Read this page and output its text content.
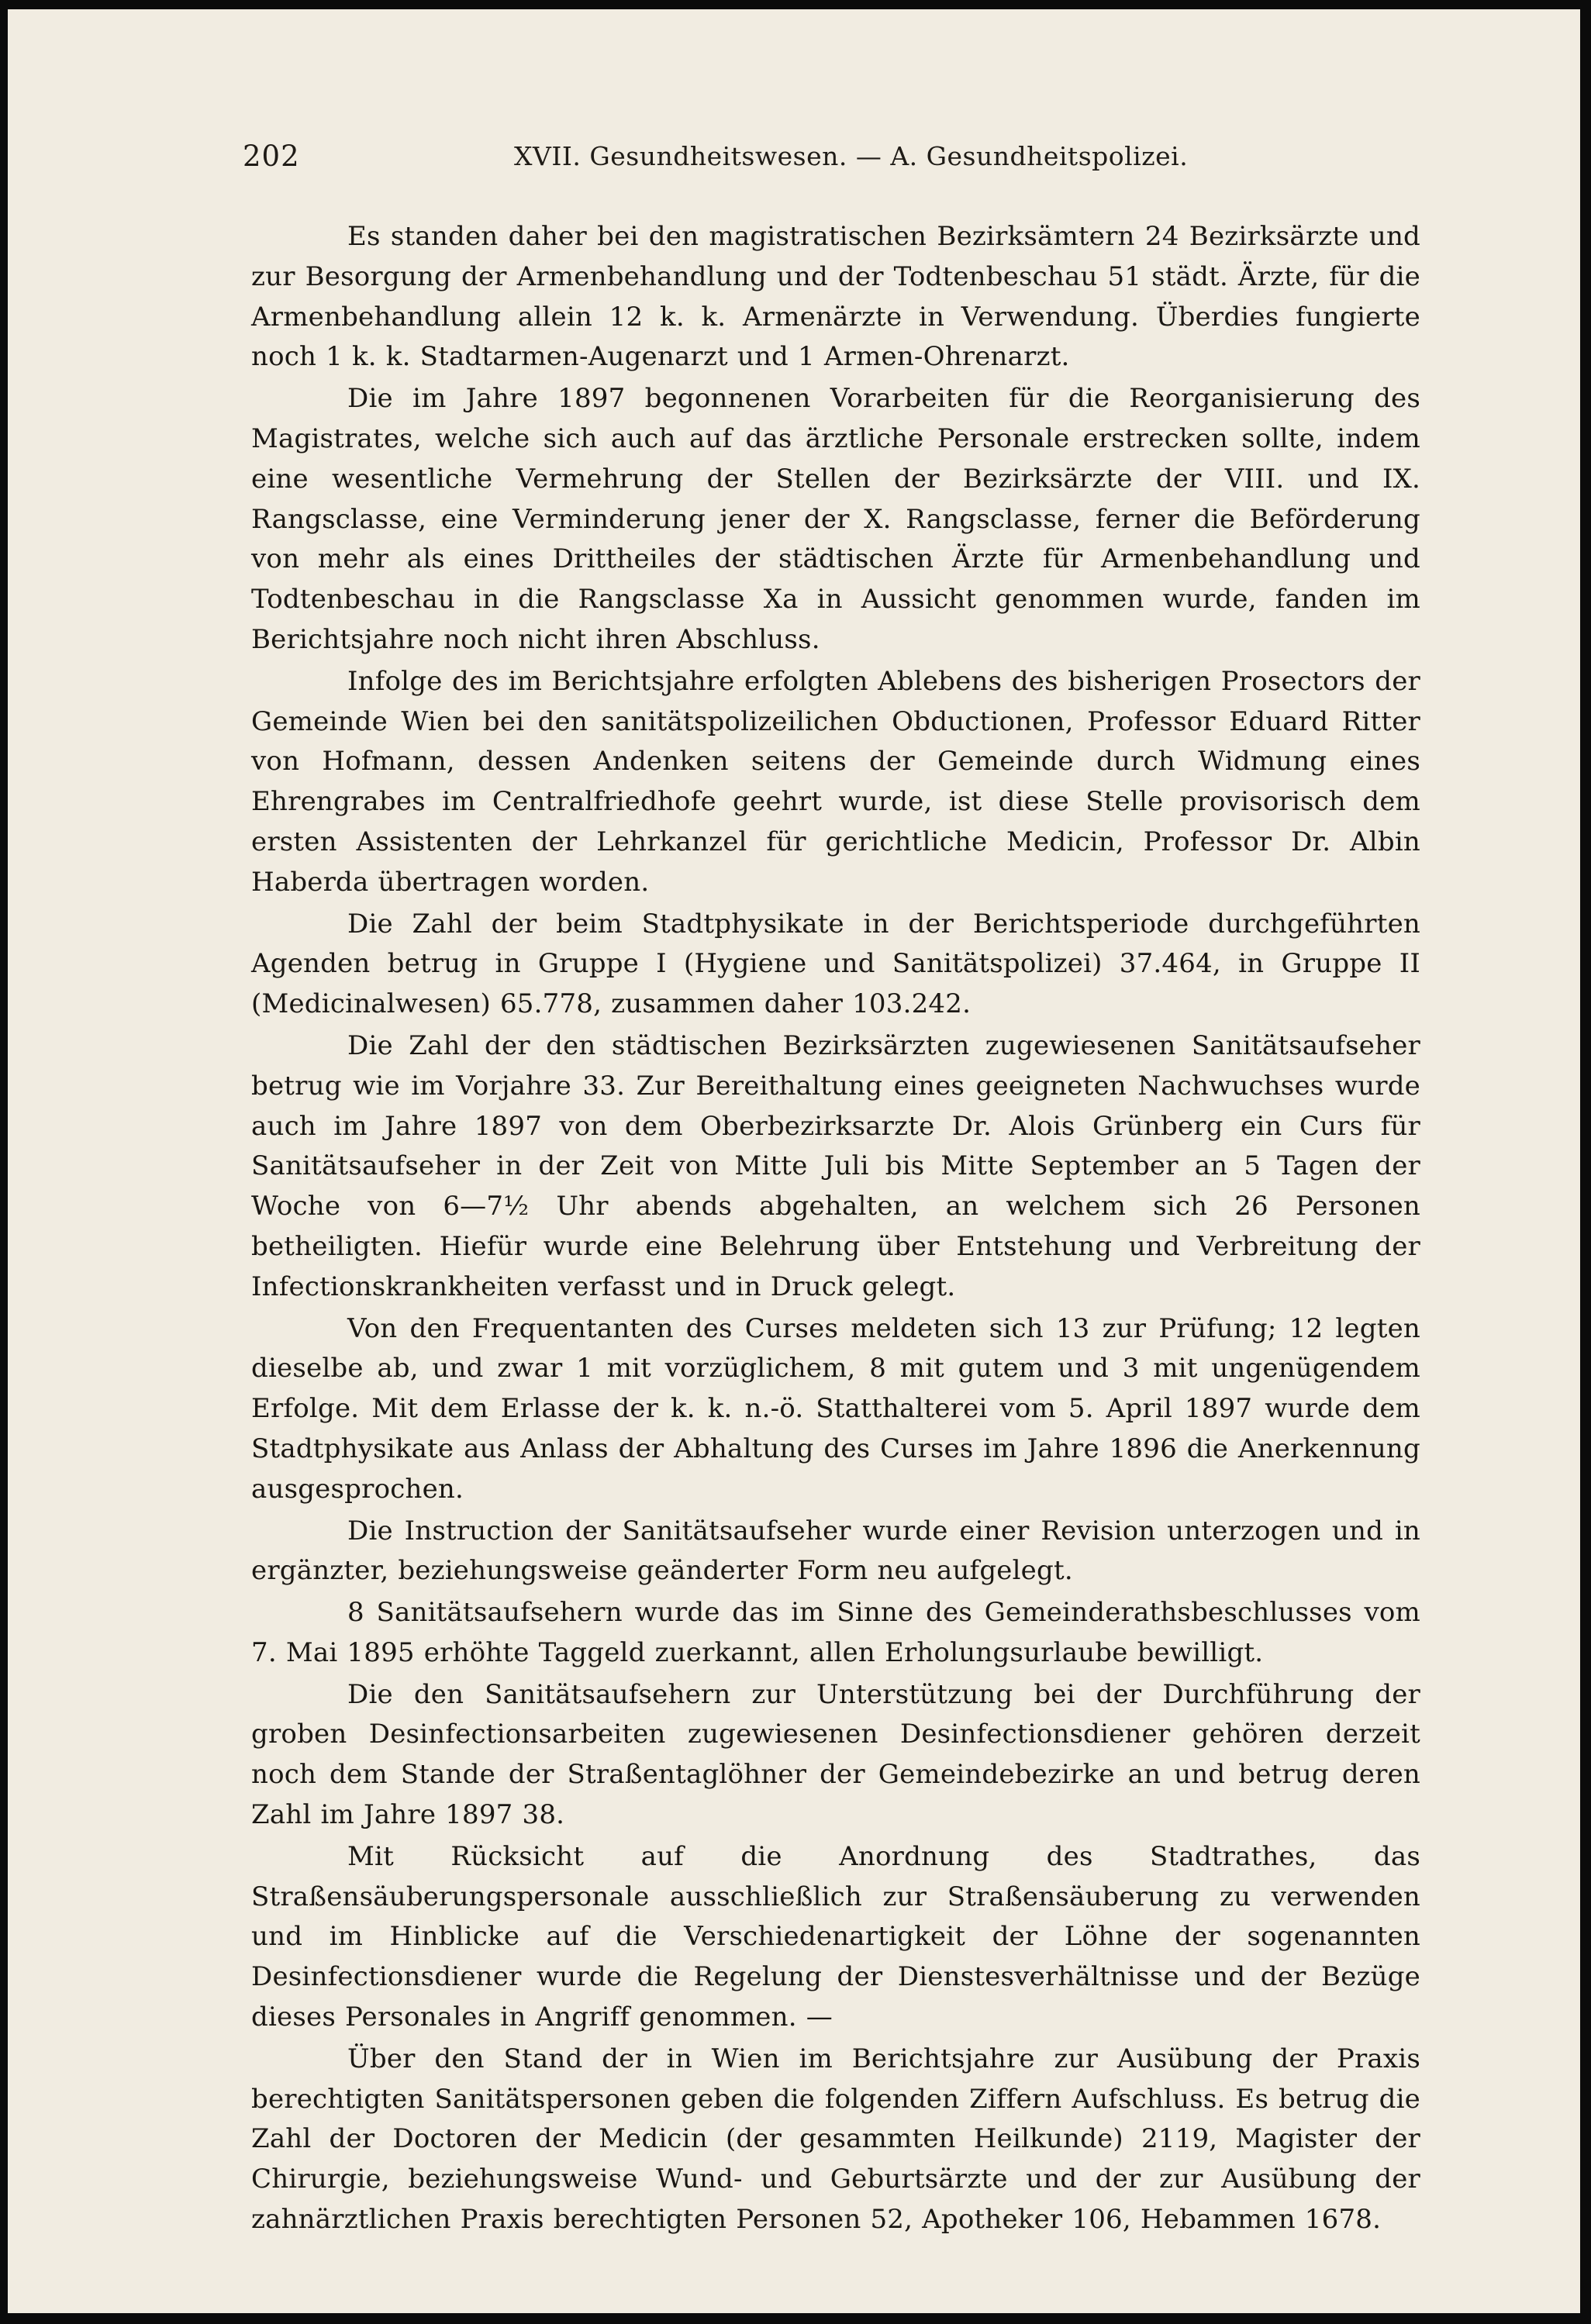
202	XVII. Gesundheitswesen. — A. Gesundheitspolizei.

Es standen daher bei den magistratischen Bezirksämtern 24 Bezirksärzte und zur Besorgung der Armenbehandlung und der Todtenbeschau 51 städt. Ärzte, für die Armenbehandlung allein 12 k. k. Armenärzte in Verwendung. Überdies fungierte noch 1 k. k. Stadtarmen-Augenarzt und 1 Armen-Ohrenarzt.

Die im Jahre 1897 begonnenen Vorarbeiten für die Reorganisierung des Magistrates, welche sich auch auf das ärztliche Personale erstrecken sollte, indem eine wesentliche Vermehrung der Stellen der Bezirksärzte der VIII. und IX. Rangsclasse, eine Verminderung jener der X. Rangsclasse, ferner die Beförderung von mehr als eines Drittheiles der städtischen Ärzte für Armenbehandlung und Todtenbeschau in die Rangsclasse Xa in Aussicht genommen wurde, fanden im Berichtsjahre noch nicht ihren Abschluss.

Infolge des im Berichtsjahre erfolgten Ablebens des bisherigen Prosectors der Gemeinde Wien bei den sanitätspolizeilichen Obductionen, Professor Eduard Ritter von Hofmann, dessen Andenken seitens der Gemeinde durch Widmung eines Ehrengrabes im Centralfriedhofe geehrt wurde, ist diese Stelle provisorisch dem ersten Assistenten der Lehrkanzel für gerichtliche Medicin, Professor Dr. Albin Haberda übertragen worden.

Die Zahl der beim Stadtphysikate in der Berichtsperiode durchgeführten Agenden betrug in Gruppe I (Hygiene und Sanitätspolizei) 37.464, in Gruppe II (Medicinalwesen) 65.778, zusammen daher 103.242.

Die Zahl der den städtischen Bezirksärzten zugewiesenen Sanitätsaufseher betrug wie im Vorjahre 33. Zur Bereithaltung eines geeigneten Nachwuchses wurde auch im Jahre 1897 von dem Oberbezirksarzte Dr. Alois Grünberg ein Curs für Sanitätsaufseher in der Zeit von Mitte Juli bis Mitte September an 5 Tagen der Woche von 6—7½ Uhr abends abgehalten, an welchem sich 26 Personen betheiligten. Hiefür wurde eine Belehrung über Entstehung und Verbreitung der Infectionskrankheiten verfasst und in Druck gelegt.

Von den Frequentanten des Curses meldeten sich 13 zur Prüfung; 12 legten dieselbe ab, und zwar 1 mit vorzüglichem, 8 mit gutem und 3 mit ungenügendem Erfolge. Mit dem Erlasse der k. k. n.-ö. Statthalterei vom 5. April 1897 wurde dem Stadtphysikate aus Anlass der Abhaltung des Curses im Jahre 1896 die Anerkennung ausgesprochen.

Die Instruction der Sanitätsaufseher wurde einer Revision unterzogen und in ergänzter, beziehungsweise geänderter Form neu aufgelegt.

8 Sanitätsaufsehern wurde das im Sinne des Gemeinderathsbeschlusses vom 7. Mai 1895 erhöhte Taggeld zuerkannt, allen Erholungsurlaube bewilligt.

Die den Sanitätsaufsehern zur Unterstützung bei der Durchführung der groben Desinfectionsarbeiten zugewiesenen Desinfectionsdiener gehören derzeit noch dem Stande der Straßentaglöhner der Gemeindebezirke an und betrug deren Zahl im Jahre 1897 38.

Mit Rücksicht auf die Anordnung des Stadtrathes, das Straßensäuberungspersonale ausschließlich zur Straßensäuberung zu verwenden und im Hinblicke auf die Verschiedenartigkeit der Löhne der sogenannten Desinfectionsdiener wurde die Regelung der Dienstesverhältnisse und der Bezüge dieses Personales in Angriff genommen. —

Über den Stand der in Wien im Berichtsjahre zur Ausübung der Praxis berechtigten Sanitätspersonen geben die folgenden Ziffern Aufschluss. Es betrug die Zahl der Doctoren der Medicin (der gesammten Heilkunde) 2119, Magister der Chirurgie, beziehungsweise Wund- und Geburtsärzte und der zur Ausübung der zahnärztlichen Praxis berechtigten Personen 52, Apotheker 106, Hebammen 1678.
